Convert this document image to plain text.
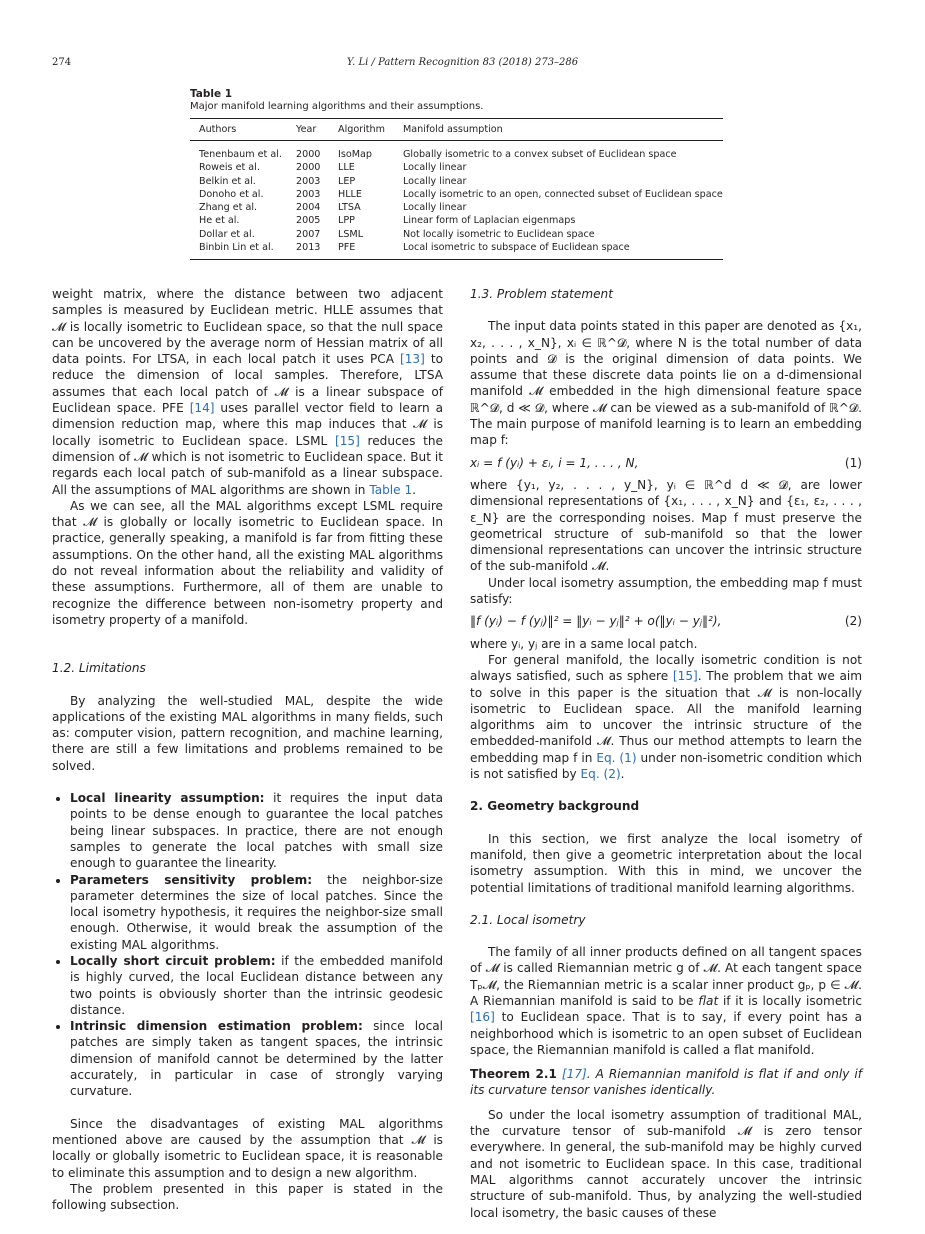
274	Y. Li / Pattern Recognition 83 (2018) 273–286
Table 1
Major manifold learning algorithms and their assumptions.
Authors	Year	Algorithm	Manifold assumption
Tenenbaum et al.	2000	IsoMap	Globally isometric to a convex subset of Euclidean space
Roweis et al.	2000	LLE	Locally linear
Belkin et al.	2003	LEP	Locally linear
Donoho et al.	2003	HLLE	Locally isometric to an open, connected subset of Euclidean space
Zhang et al.	2004	LTSA	Locally linear
He et al.	2005	LPP	Linear form of Laplacian eigenmaps
Dollar et al.	2007	LSML	Not locally isometric to Euclidean space
Binbin Lin et al.	2013	PFE	Local isometric to subspace of Euclidean space

weight matrix, where the distance between two adjacent samples is measured by Euclidean metric. HLLE assumes that 𝓜 is locally isometric to Euclidean space, so that the null space can be uncovered by the average norm of Hessian matrix of all data points. For LTSA, in each local patch it uses PCA [13] to reduce the dimension of local samples. Therefore, LTSA assumes that each local patch of 𝓜 is a linear subspace of Euclidean space. PFE [14] uses parallel vector field to learn a dimension reduction map, where this map induces that 𝓜 is locally isometric to Euclidean space. LSML [15] reduces the dimension of 𝓜 which is not isometric to Euclidean space. But it regards each local patch of sub-manifold as a linear subspace. All the assumptions of MAL algorithms are shown in Table 1.

As we can see, all the MAL algorithms except LSML require that 𝓜 is globally or locally isometric to Euclidean space. In practice, generally speaking, a manifold is far from fitting these assumptions. On the other hand, all the existing MAL algorithms do not reveal information about the reliability and validity of these assumptions. Furthermore, all of them are unable to recognize the difference between non-isometry property and isometry property of a manifold.

1.2. Limitations

By analyzing the well-studied MAL, despite the wide applications of the existing MAL algorithms in many fields, such as: computer vision, pattern recognition, and machine learning, there are still a few limitations and problems remained to be solved.

• Local linearity assumption: it requires the input data points to be dense enough to guarantee the local patches being linear subspaces. In practice, there are not enough samples to generate the local patches with small size enough to guarantee the linearity.
• Parameters sensitivity problem: the neighbor-size parameter determines the size of local patches. Since the local isometry hypothesis, it requires the neighbor-size small enough. Otherwise, it would break the assumption of the existing MAL algorithms.
• Locally short circuit problem: if the embedded manifold is highly curved, the local Euclidean distance between any two points is obviously shorter than the intrinsic geodesic distance.
• Intrinsic dimension estimation problem: since local patches are simply taken as tangent spaces, the intrinsic dimension of manifold cannot be determined by the latter accurately, in particular in case of strongly varying curvature.

Since the disadvantages of existing MAL algorithms mentioned above are caused by the assumption that 𝓜 is locally or globally isometric to Euclidean space, it is reasonable to eliminate this assumption and to design a new algorithm.

The problem presented in this paper is stated in the following subsection.

1.3. Problem statement

The input data points stated in this paper are denoted as {x₁, x₂, . . . , x_N}, xᵢ ∈ ℝ^𝓓, where N is the total number of data points and 𝓓 is the original dimension of data points. We assume that these discrete data points lie on a d-dimensional manifold 𝓜 embedded in the high dimensional feature space ℝ^𝓓, d ≪ 𝓓, where 𝓜 can be viewed as a sub-manifold of ℝ^𝓓. The main purpose of manifold learning is to learn an embedding map f:

xᵢ = f (yᵢ) + εᵢ, i = 1, . . . , N,	(1)

where {y₁, y₂, . . . , y_N}, yᵢ ∈ ℝ^d d ≪ 𝓓, are lower dimensional representations of {x₁, . . . , x_N} and {ε₁, ε₂, . . . , ε_N} are the corresponding noises. Map f must preserve the geometrical structure of sub-manifold so that the lower dimensional representations can uncover the intrinsic structure of the sub-manifold 𝓜.

Under local isometry assumption, the embedding map f must satisfy:

‖f (yᵢ) − f (yⱼ)‖² = ‖yᵢ − yⱼ‖² + o(‖yᵢ − yⱼ‖²),	(2)

where yᵢ, yⱼ are in a same local patch.

For general manifold, the locally isometric condition is not always satisfied, such as sphere [15]. The problem that we aim to solve in this paper is the situation that 𝓜 is non-locally isometric to Euclidean space. All the manifold learning algorithms aim to uncover the intrinsic structure of the embedded-manifold 𝓜. Thus our method attempts to learn the embedding map f in Eq. (1) under non-isometric condition which is not satisfied by Eq. (2).

2. Geometry background

In this section, we first analyze the local isometry of manifold, then give a geometric interpretation about the local isometry assumption. With this in mind, we uncover the potential limitations of traditional manifold learning algorithms.

2.1. Local isometry

The family of all inner products defined on all tangent spaces of 𝓜 is called Riemannian metric g of 𝓜. At each tangent space Tₚ𝓜, the Riemannian metric is a scalar inner product gₚ, p ∈ 𝓜. A Riemannian manifold is said to be flat if it is locally isometric [16] to Euclidean space. That is to say, if every point has a neighborhood which is isometric to an open subset of Euclidean space, the Riemannian manifold is called a flat manifold.

Theorem 2.1 [17]. A Riemannian manifold is flat if and only if its curvature tensor vanishes identically.

So under the local isometry assumption of traditional MAL, the curvature tensor of sub-manifold 𝓜 is zero tensor everywhere. In general, the sub-manifold may be highly curved and not isometric to Euclidean space. In this case, traditional MAL algorithms cannot accurately uncover the intrinsic structure of sub-manifold. Thus, by analyzing the well-studied local isometry, the basic causes of these
